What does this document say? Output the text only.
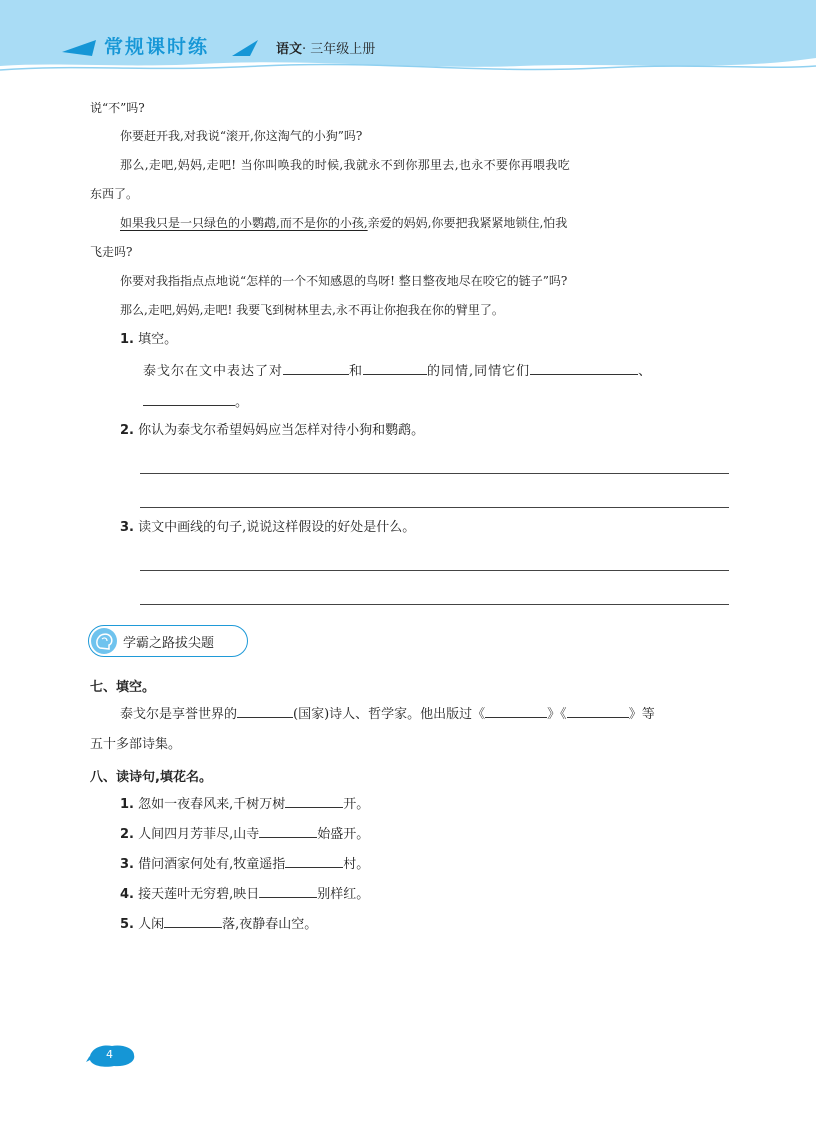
常规课时练	语文· 三年级上册
说“不”吗?
你要赶开我,对我说“滚开,你这淘气的小狗”吗?
那么,走吧,妈妈,走吧! 当你叫唤我的时候,我就永不到你那里去,也永不要你再喂我吃
东西了。
如果我只是一只绿色的小鹦鹉,而不是你的小孩,亲爱的妈妈,你要把我紧紧地锁住,怕我
飞走吗?
你要对我指指点点地说“怎样的一个不知感恩的鸟呀! 整日整夜地尽在咬它的链子”吗?
那么,走吧,妈妈,走吧! 我要飞到树林里去,永不再让你抱我在你的臂里了。
1. 填空。
泰戈尔在文中表达了对	和	的同情,同情它们	、
。
2. 你认为泰戈尔希望妈妈应当怎样对待小狗和鹦鹉。
3. 读文中画线的句子,说说这样假设的好处是什么。
学霸之路拔尖题
七、填空。
泰戈尔是享誉世界的	(国家)诗人、哲学家。他出版过《	》《	》等
五十多部诗集。
八、读诗句,填花名。
1. 忽如一夜春风来,千树万树	开。
2. 人间四月芳菲尽,山寺	始盛开。
3. 借问酒家何处有,牧童遥指	村。
4. 接天莲叶无穷碧,映日	别样红。
5. 人闲	落,夜静春山空。
4
